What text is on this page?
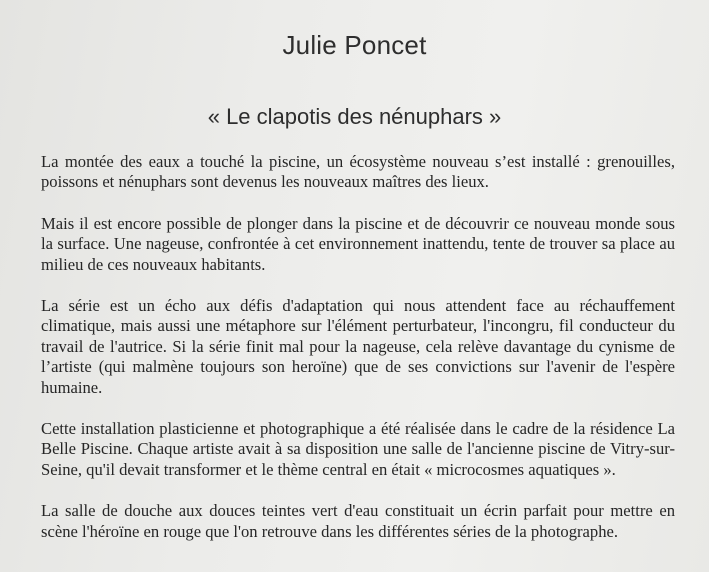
Julie Poncet
« Le clapotis des nénuphars »

La montée des eaux a touché la piscine, un écosystème nouveau s’est installé : grenouilles, poissons et nénuphars sont devenus les nouveaux maîtres des lieux.

Mais il est encore possible de plonger dans la piscine et de découvrir ce nouveau monde sous la surface. Une nageuse, confrontée à cet environnement inattendu, tente de trouver sa place au milieu de ces nouveaux habitants.

La série est un écho aux défis d'adaptation qui nous attendent face au réchauffement climatique, mais aussi une métaphore sur l'élément perturbateur, l'incongru, fil conducteur du travail de l'autrice. Si la série finit mal pour la nageuse, cela relève davantage du cynisme de l’artiste (qui malmène toujours son heroïne) que de ses convictions sur l'avenir de l'espère humaine.

Cette installation plasticienne et photographique a été réalisée dans le cadre de la résidence La Belle Piscine. Chaque artiste avait à sa disposition une salle de l'ancienne piscine de Vitry-sur-Seine, qu'il devait transformer et le thème central en était « microcosmes aquatiques ».

La salle de douche aux douces teintes vert d'eau constituait un écrin parfait pour mettre en scène l'héroïne en rouge que l'on retrouve dans les différentes séries de la photographe.
